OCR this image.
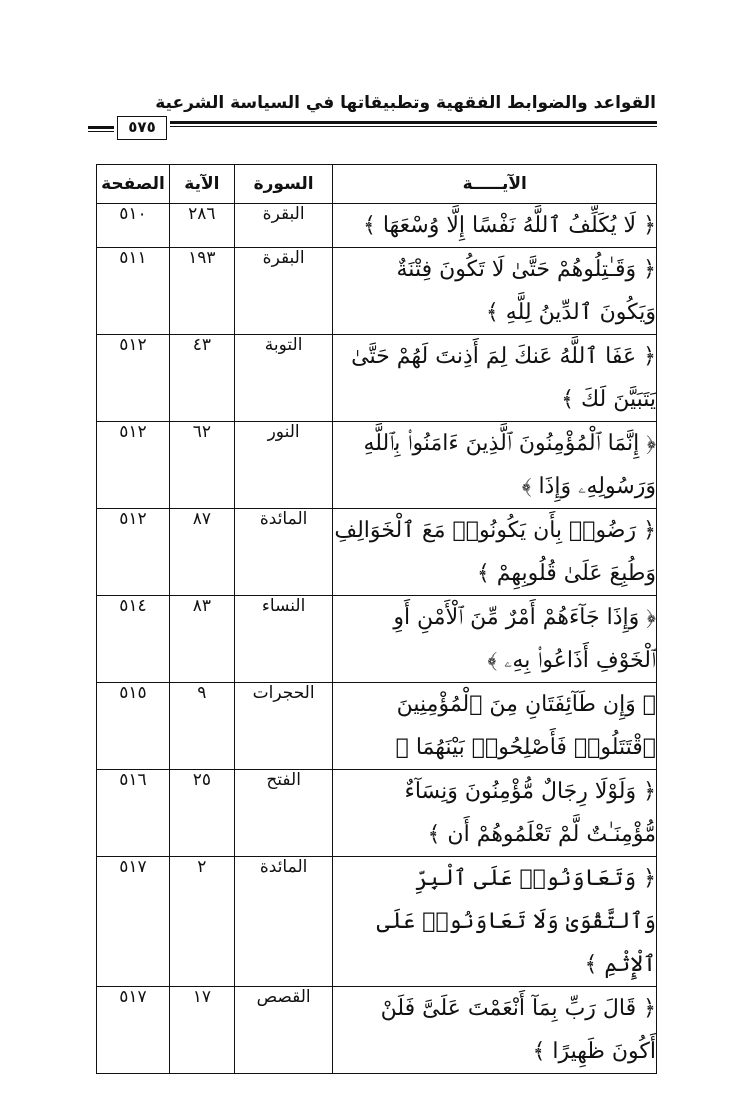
القواعد والضوابط الفقهية وتطبيقاتها في السياسة الشرعية
٥٧٥
الآيـــــة	السورة	الآية	الصفحة
﴿ لَا يُكَلِّفُ ٱللَّهُ نَفْسًا إِلَّا وُسْعَهَا ﴾	البقرة	٢٨٦	٥١٠
﴿ وَقَـٰتِلُوهُمْ حَتَّىٰ لَا تَكُونَ فِتْنَةٌ وَيَكُونَ ٱلدِّينُ لِلَّهِ ﴾	البقرة	١٩٣	٥١١
﴿ عَفَا ٱللَّهُ عَنكَ لِمَ أَذِنتَ لَهُمْ حَتَّىٰ يَتَبَيَّنَ لَكَ ﴾	التوبة	٤٣	٥١٢
﴿ إِنَّمَا ٱلْمُؤْمِنُونَ ٱلَّذِينَ ءَامَنُوا۟ بِٱللَّهِ وَرَسُولِهِۦ وَإِذَا ﴾	النور	٦٢	٥١٢
﴿ رَضُوا۟ بِأَن يَكُونُوا۟ مَعَ ٱلْخَوَالِفِ وَطُبِعَ عَلَىٰ قُلُوبِهِمْ ﴾	المائدة	٨٧	٥١٢
﴿ وَإِذَا جَآءَهُمْ أَمْرٌ مِّنَ ٱلْأَمْنِ أَوِ ٱلْخَوْفِ أَذَاعُوا۟ بِهِۦ ﴾	النساء	٨٣	٥١٤
﴿ وَإِن طَآئِفَتَانِ مِنَ ٱلْمُؤْمِنِينَ ٱقْتَتَلُوا۟ فَأَصْلِحُوا۟ بَيْنَهُمَا ﴾	الحجرات	٩	٥١٥
﴿ وَلَوْلَا رِجَالٌ مُّؤْمِنُونَ وَنِسَآءٌ مُّؤْمِنَـٰتٌ لَّمْ تَعْلَمُوهُمْ أَن ﴾	الفتح	٢٥	٥١٦
﴿ وَتَعَاوَنُوا۟ عَلَى ٱلْبِرِّ وَٱلتَّقْوَىٰ وَلَا تَعَاوَنُوا۟ عَلَى ٱلْإِثْمِ ﴾	المائدة	٢	٥١٧
﴿ قَالَ رَبِّ بِمَآ أَنْعَمْتَ عَلَىَّ فَلَنْ أَكُونَ ظَهِيرًا ﴾	القصص	١٧	٥١٧
